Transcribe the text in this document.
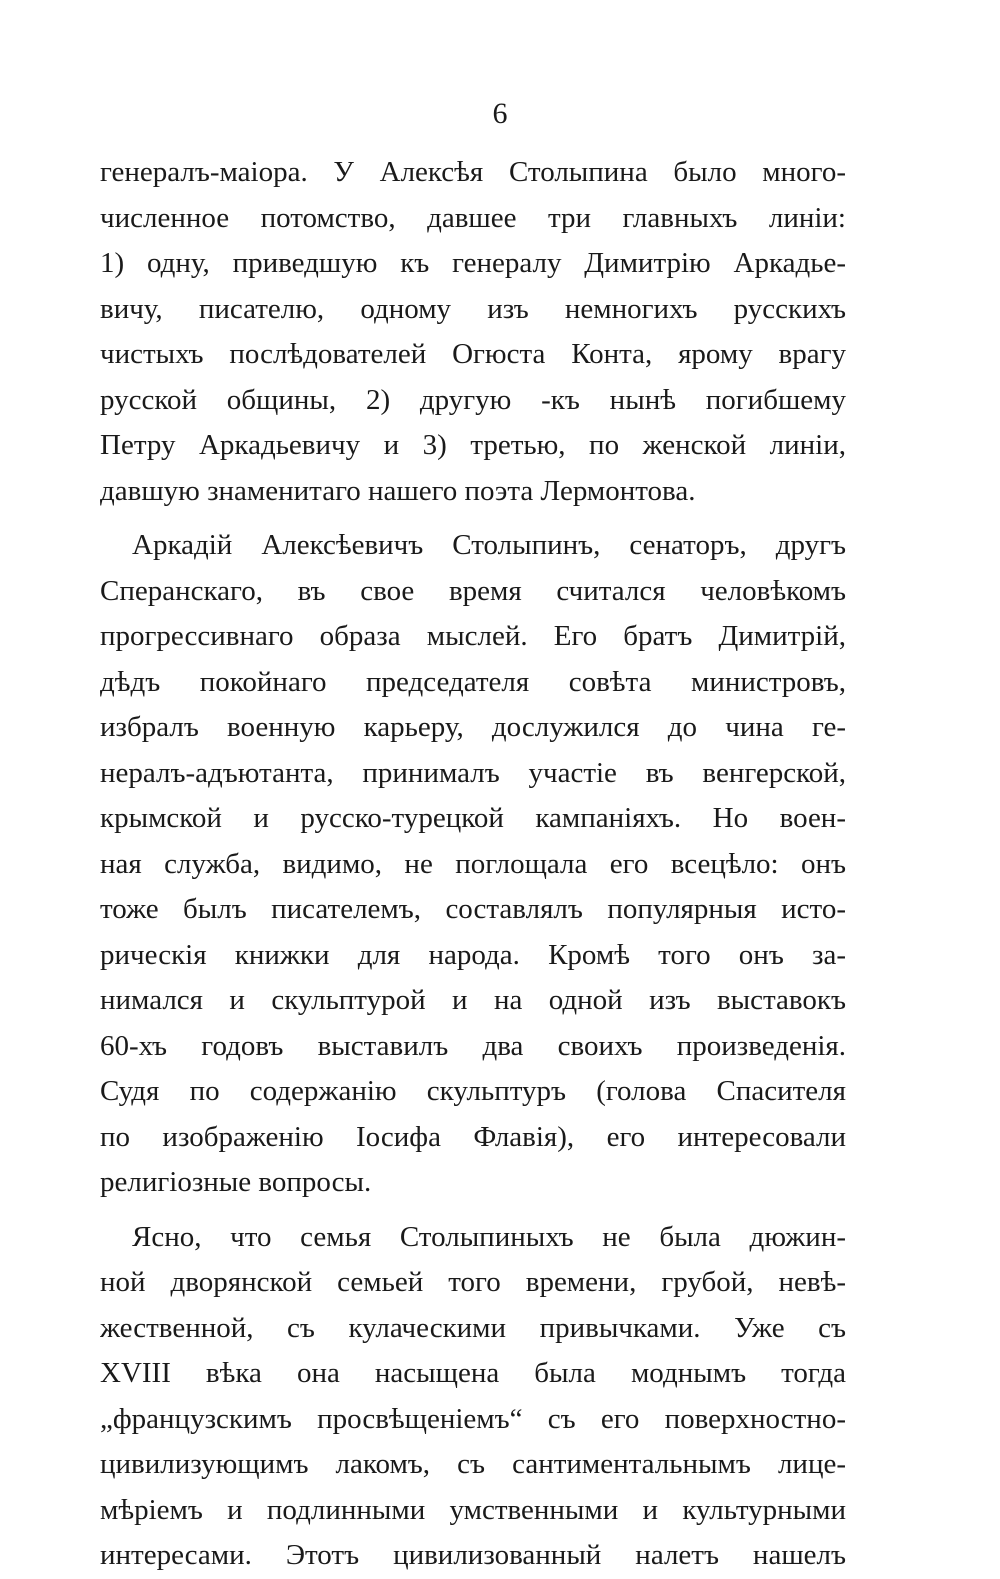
6
генералъ-маіора. У Алексѣя Столыпина было много-
численное потомство, давшее три главныхъ линіи:
1) одну, приведшую къ генералу Димитрію Аркадье-
вичу, писателю, одному изъ немногихъ русскихъ
чистыхъ послѣдователей Огюста Конта, ярому врагу
русской общины, 2) другую -къ нынѣ погибшему
Петру Аркадьевичу и 3) третью, по женской линіи,
давшую знаменитаго нашего поэта Лермонтова.
Аркадій Алексѣевичъ Столыпинъ, сенаторъ, другъ
Сперанскаго, въ свое время считался человѣкомъ
прогрессивнаго образа мыслей. Его братъ Димитрій,
дѣдъ покойнаго председателя совѣта министровъ,
избралъ военную карьеру, дослужился до чина ге-
нералъ-адъютанта, принималъ участіе въ венгерской,
крымской и русско-турецкой кампаніяхъ. Но воен-
ная служба, видимо, не поглощала его всецѣло: онъ
тоже былъ писателемъ, составлялъ популярныя исто-
рическія книжки для народа. Кромѣ того онъ за-
нимался и скульптурой и на одной изъ выставокъ
60-хъ годовъ выставилъ два своихъ произведенія.
Судя по содержанію скульптуръ (голова Спасителя
по изображенію Іосифа Флавія), его интересовали
религіозные вопросы.
Ясно, что семья Столыпиныхъ не была дюжин-
ной дворянской семьей того времени, грубой, невѣ-
жественной, съ кулаческими привычками. Уже съ
XVIII вѣка она насыщена была моднымъ тогда
„французскимъ просвѣщеніемъ“ съ его поверхностно-
цивилизующимъ лакомъ, съ сантиментальнымъ лице-
мѣріемъ и подлинными умственными и культурными
интересами. Этотъ цивилизованный налетъ нашелъ
